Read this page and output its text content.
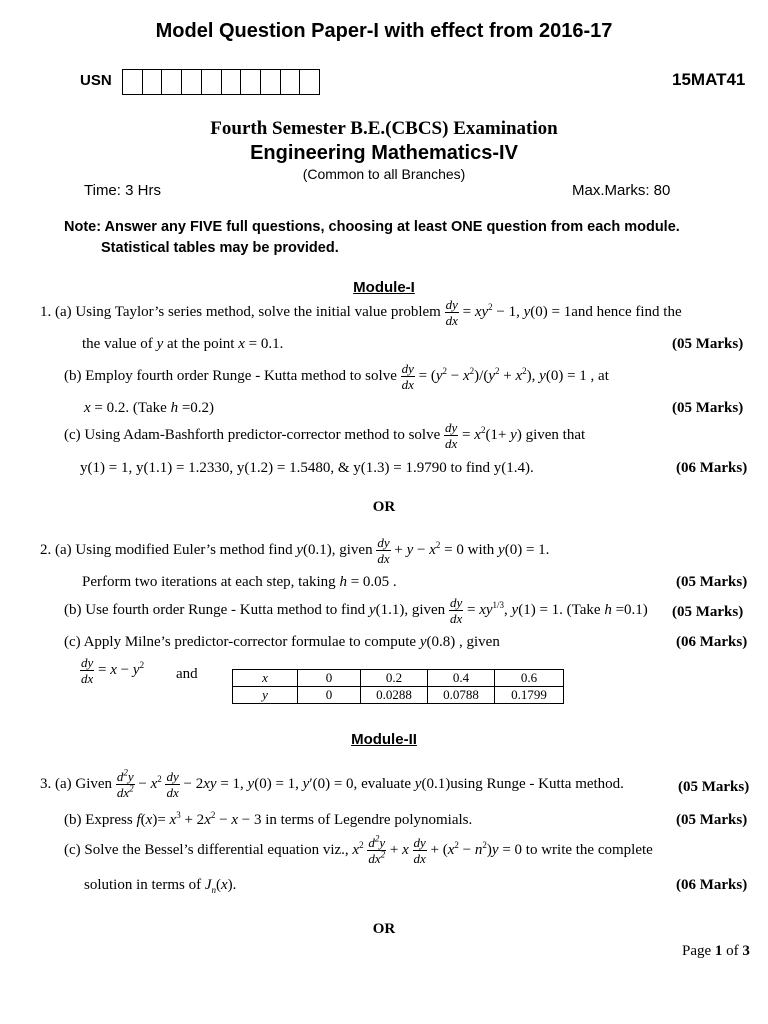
Model Question Paper-I with effect from 2016-17
USN	15MAT41
Fourth Semester B.E.(CBCS) Examination
Engineering Mathematics-IV
(Common to all Branches)
Time: 3 Hrs	Max.Marks: 80
Note: Answer any FIVE full questions, choosing at least ONE question from each module.
Statistical tables may be provided.
Module-I
1. (a) Using Taylor’s series method, solve the initial value problem $\frac{dy}{dx} = xy^2 - 1$, y(0) = 1and hence find the
the value of y at the point x = 0.1.	(05 Marks)
(b) Employ fourth order Runge - Kutta method to solve $\frac{dy}{dx} = (y^2 - x^2)/(y^2 + x^2)$, y(0) = 1 , at
x = 0.2. (Take h =0.2)	(05 Marks)
(c) Using Adam-Bashforth predictor-corrector method to solve $\frac{dy}{dx} = x^2(1+ y)$ given that
y(1) = 1, y(1.1) = 1.2330, y(1.2) = 1.5480, & y(1.3) = 1.9790 to find y(1.4).	(06 Marks)
OR
2. (a) Using modified Euler’s method find y(0.1), given $\frac{dy}{dx} + y - x^2 = 0$ with y(0) = 1.
Perform two iterations at each step, taking h = 0.05 .	(05 Marks)
(b) Use fourth order Runge - Kutta method to find y(1.1), given $\frac{dy}{dx} = xy^{1/3}$, y(1) = 1. (Take h =0.1) (05 Marks)
(c) Apply Milne’s predictor-corrector formulae to compute y(0.8) , given	(06 Marks)
$\frac{dy}{dx} = x - y^2$
and	x	0	0.2	0.4	0.6
y	0	0.0288	0.0788	0.1799
Module-II
3. (a) Given $\frac{d^2y}{dx^2} - x^2 \frac{dy}{dx} - 2xy = 1$, y(0) = 1, y′(0) = 0, evaluate y(0.1)using Runge - Kutta method.	(05 Marks)
(b) Express $f(x)= x^3 + 2x^2 - x - 3$ in terms of Legendre polynomials.	(05 Marks)
(c) Solve the Bessel’s differential equation viz., $x^2 \frac{d^2y}{dx^2} + x \frac{dy}{dx} + (x^2 - n^2)y = 0$ to write the complete
solution in terms of $J_n(x)$.	(06 Marks)
OR
Page 1 of 3
